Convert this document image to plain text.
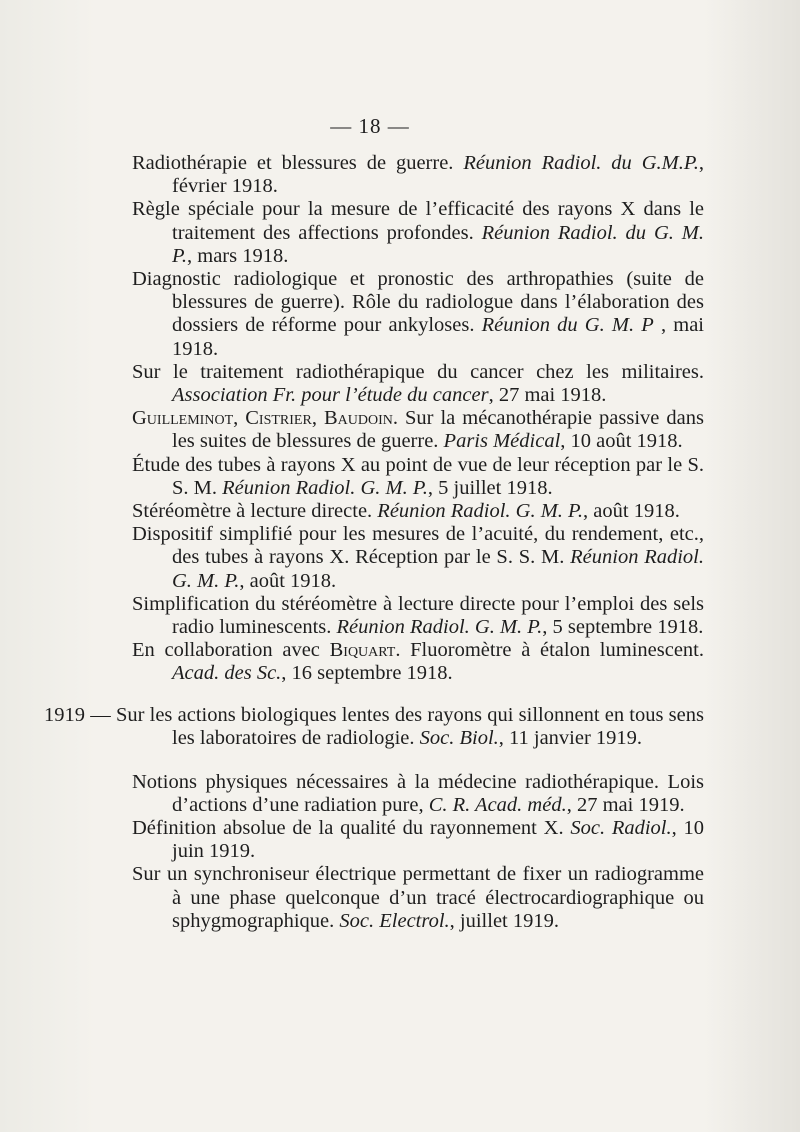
— 18 —

Radiothérapie et blessures de guerre. Réunion Radiol. du G.M.P., février 1918.

Règle spéciale pour la mesure de l’efficacité des rayons X dans le traitement des affections profondes. Réunion Radiol. du G. M. P., mars 1918.

Diagnostic radiologique et pronostic des arthropathies (suite de blessures de guerre). Rôle du radiologue dans l’élaboration des dossiers de réforme pour ankyloses. Réunion du G. M. P , mai 1918.

Sur le traitement radiothérapique du cancer chez les militaires. Association Fr. pour l’étude du cancer, 27 mai 1918.

Guilleminot, Cistrier, Baudoin. Sur la mécanothérapie passive dans les suites de blessures de guerre. Paris Médical, 10 août 1918.

Étude des tubes à rayons X au point de vue de leur réception par le S. S. M. Réunion Radiol. G. M. P., 5 juillet 1918.

Stéréomètre à lecture directe. Réunion Radiol. G. M. P., août 1918.

Dispositif simplifié pour les mesures de l’acuité, du rendement, etc., des tubes à rayons X. Réception par le S. S. M. Réunion Radiol. G. M. P., août 1918.

Simplification du stéréomètre à lecture directe pour l’emploi des sels radio luminescents. Réunion Radiol. G. M. P., 5 septembre 1918.

En collaboration avec Biquart. Fluoromètre à étalon luminescent. Acad. des Sc., 16 septembre 1918.

1919 — Sur les actions biologiques lentes des rayons qui sillonnent en tous sens les laboratoires de radiologie. Soc. Biol., 11 janvier 1919.

Notions physiques nécessaires à la médecine radiothérapique. Lois d’actions d’une radiation pure, C. R. Acad. méd., 27 mai 1919.

Définition absolue de la qualité du rayonnement X. Soc. Radiol., 10 juin 1919.

Sur un synchroniseur électrique permettant de fixer un radiogramme à une phase quelconque d’un tracé électrocardiographique ou sphygmographique. Soc. Electrol., juillet 1919.
